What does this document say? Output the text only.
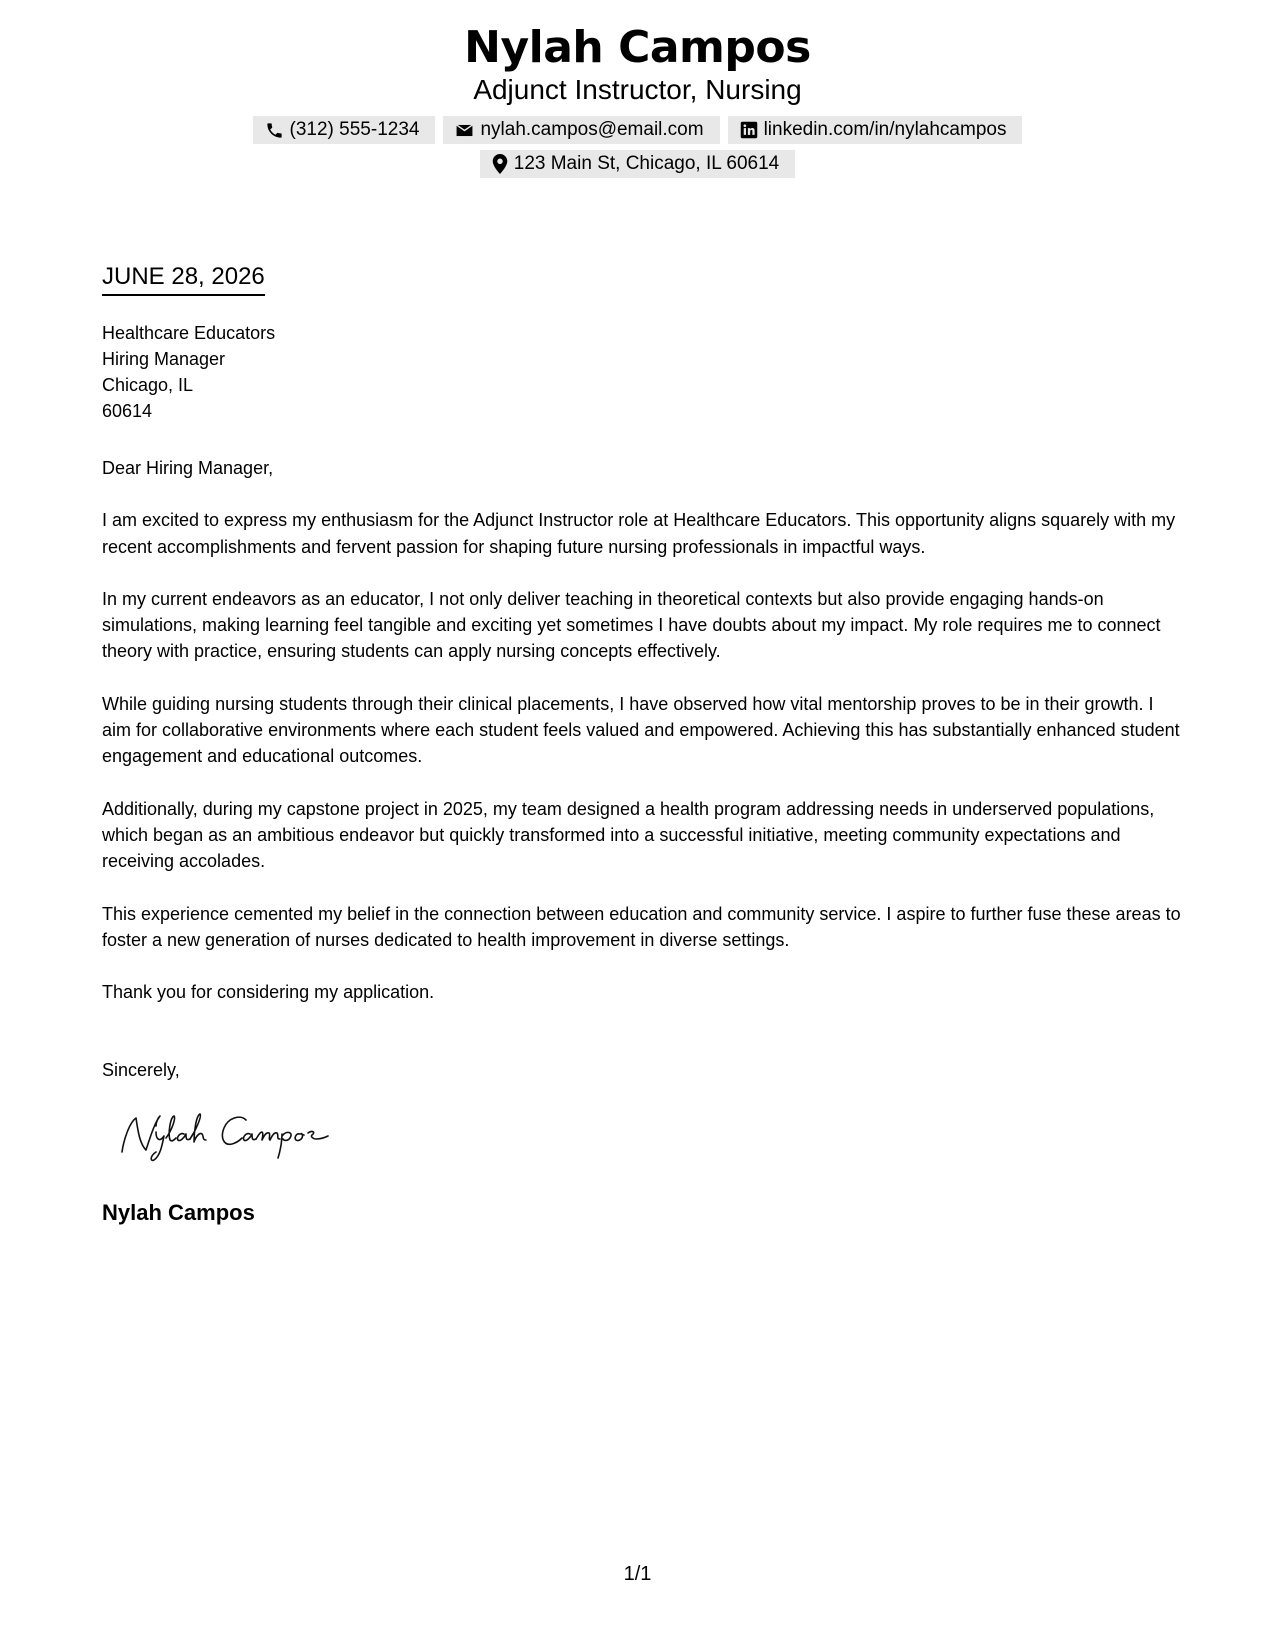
Nylah Campos
Adjunct Instructor, Nursing
(312) 555-1234	nylah.campos@email.com	linkedin.com/in/nylahcampos
123 Main St, Chicago, IL 60614
JUNE 28, 2026
Healthcare Educators
Hiring Manager
Chicago, IL
60614

Dear Hiring Manager,

I am excited to express my enthusiasm for the Adjunct Instructor role at Healthcare Educators. This opportunity aligns squarely with my recent accomplishments and fervent passion for shaping future nursing professionals in impactful ways.

In my current endeavors as an educator, I not only deliver teaching in theoretical contexts but also provide engaging hands-on simulations, making learning feel tangible and exciting yet sometimes I have doubts about my impact. My role requires me to connect theory with practice, ensuring students can apply nursing concepts effectively.

While guiding nursing students through their clinical placements, I have observed how vital mentorship proves to be in their growth. I aim for collaborative environments where each student feels valued and empowered. Achieving this has substantially enhanced student engagement and educational outcomes.

Additionally, during my capstone project in 2025, my team designed a health program addressing needs in underserved populations, which began as an ambitious endeavor but quickly transformed into a successful initiative, meeting community expectations and receiving accolades.

This experience cemented my belief in the connection between education and community service. I aspire to further fuse these areas to foster a new generation of nurses dedicated to health improvement in diverse settings.

Thank you for considering my application.

Sincerely,
Nylah Campos
1/1
